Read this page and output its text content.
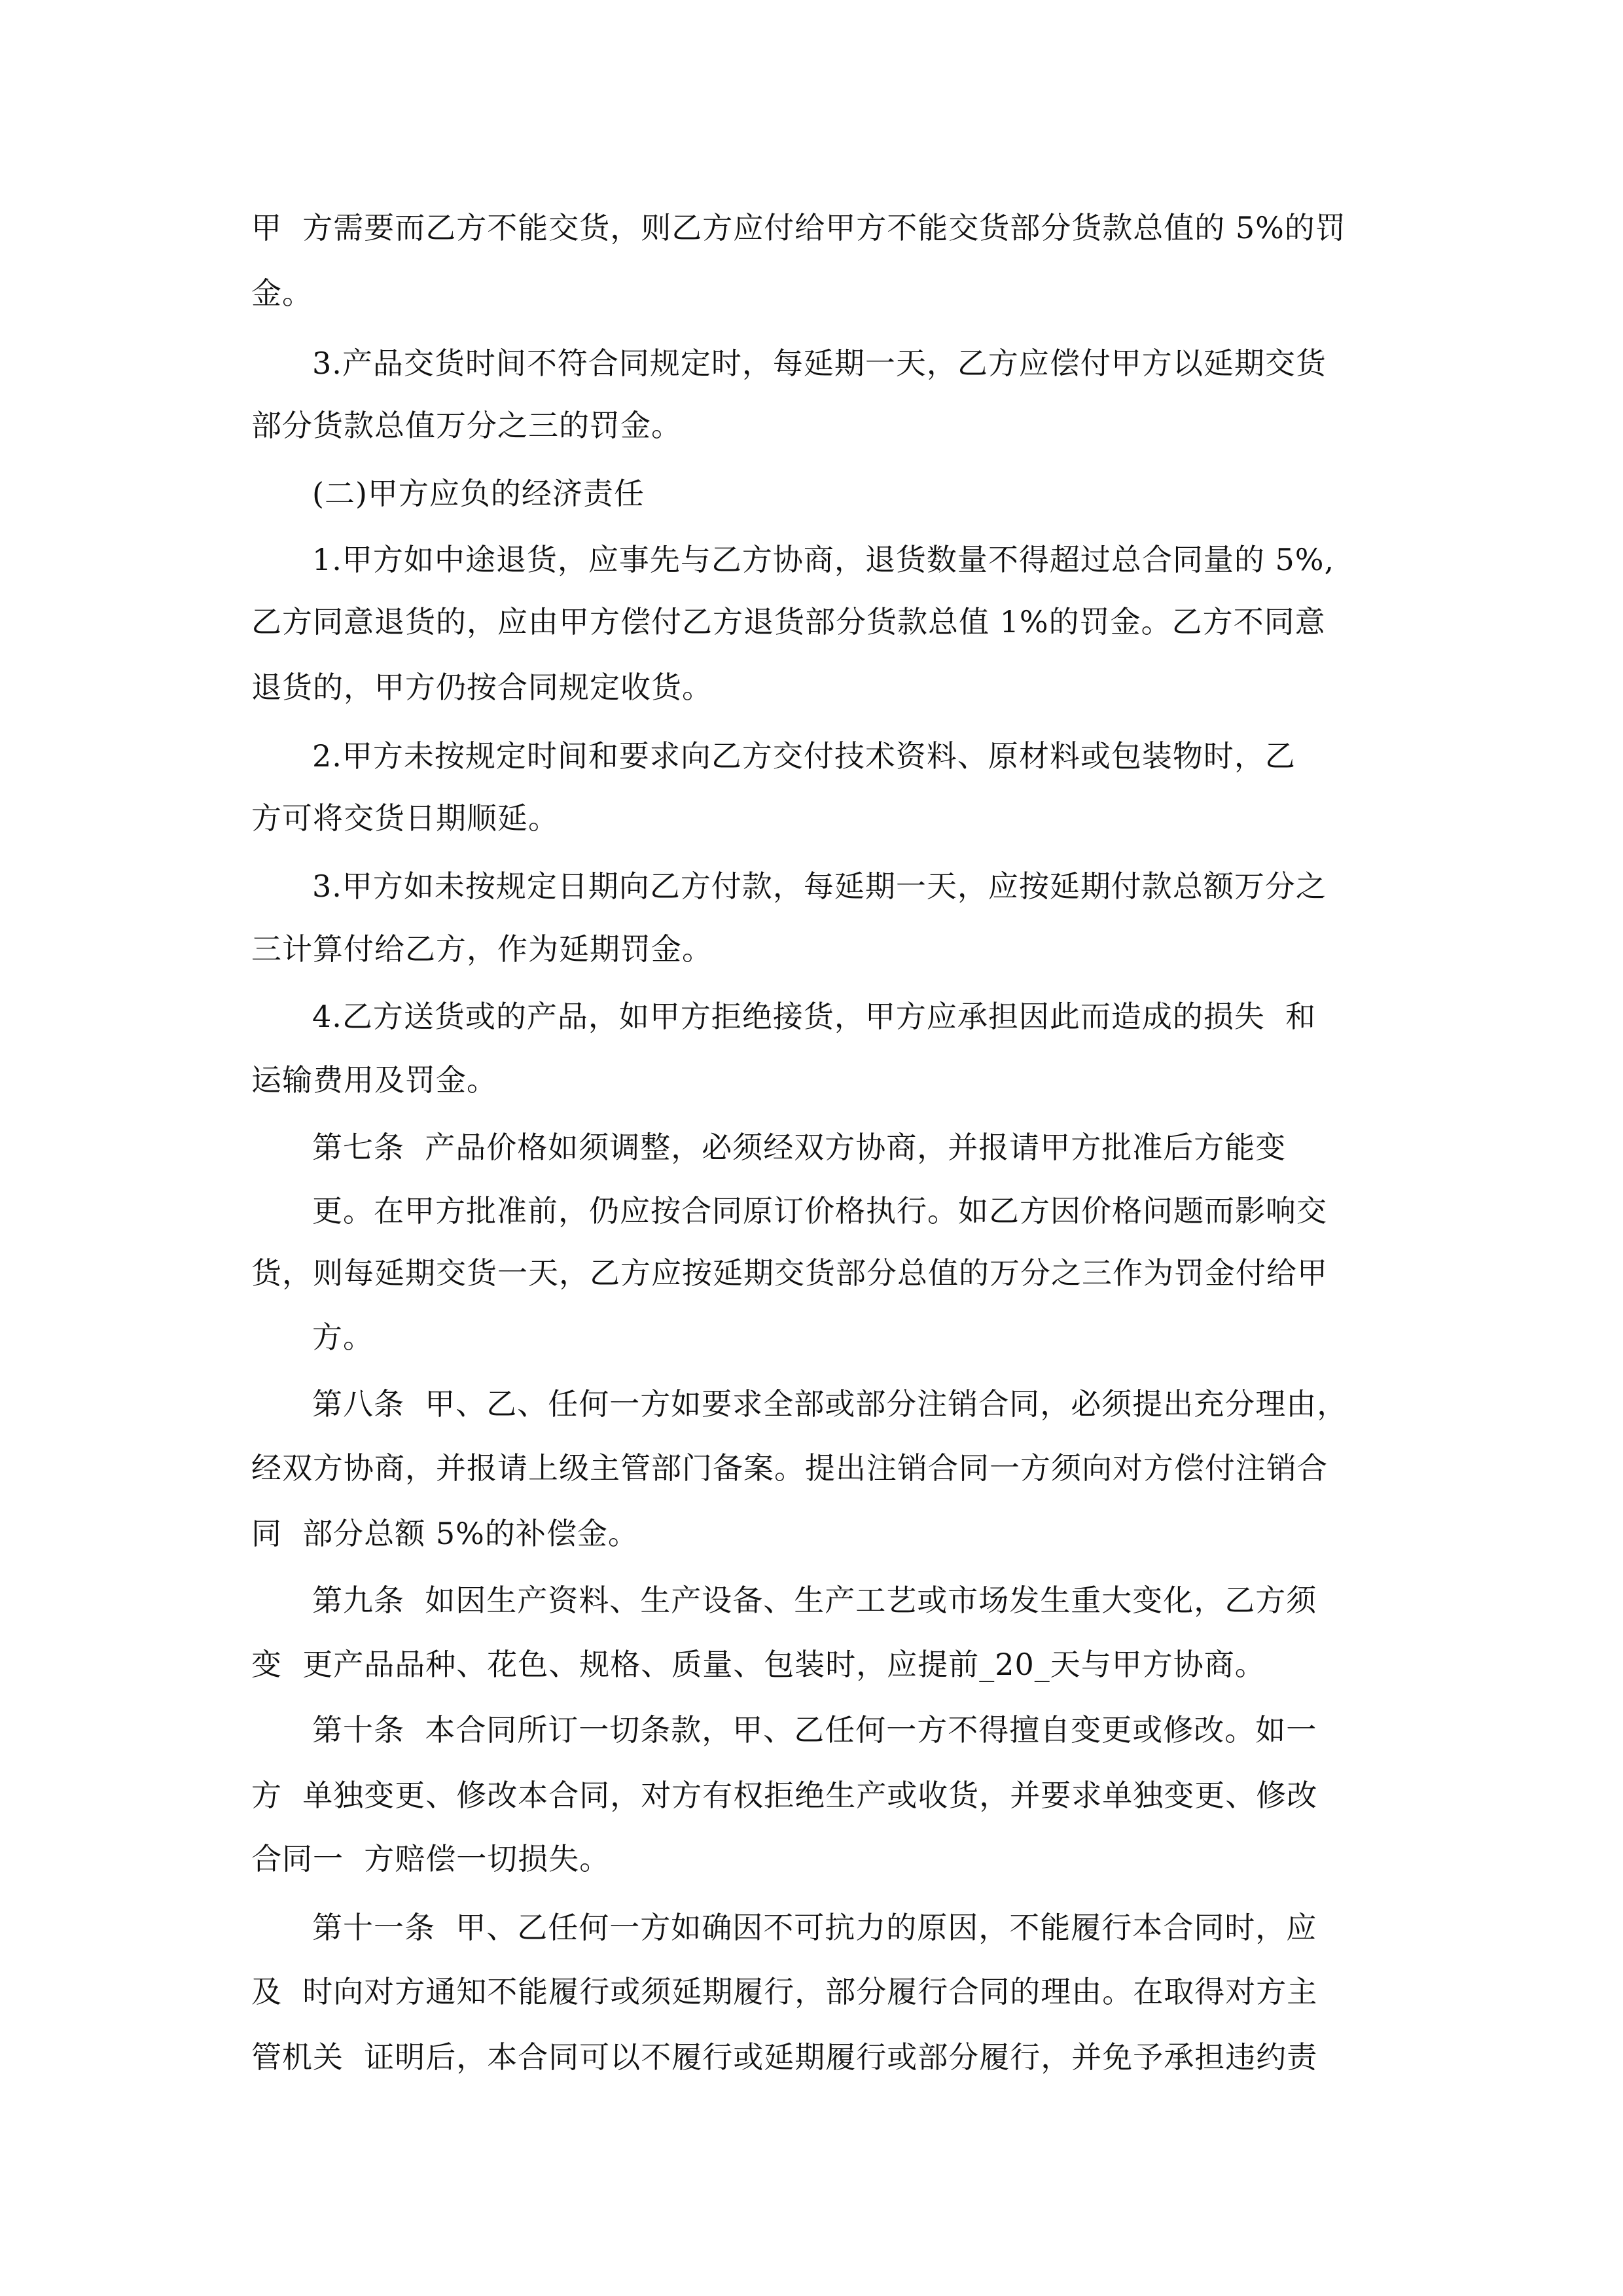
甲  方需要而乙方不能交货，则乙方应付给甲方不能交货部分货款总值的 5%的罚
金。
3.产品交货时间不符合同规定时，每延期一天，乙方应偿付甲方以延期交货
部分货款总值万分之三的罚金。
(二)甲方应负的经济责任
1.甲方如中途退货，应事先与乙方协商，退货数量不得超过总合同量的 5%,
乙方同意退货的，应由甲方偿付乙方退货部分货款总值 1%的罚金。乙方不同意
退货的，甲方仍按合同规定收货。
2.甲方未按规定时间和要求向乙方交付技术资料、原材料或包装物时，乙
方可将交货日期顺延。
3.甲方如未按规定日期向乙方付款，每延期一天，应按延期付款总额万分之
三计算付给乙方，作为延期罚金。
4.乙方送货或的产品，如甲方拒绝接货，甲方应承担因此而造成的损失  和
运输费用及罚金。
第七条  产品价格如须调整，必须经双方协商，并报请甲方批准后方能变
更。在甲方批准前，仍应按合同原订价格执行。如乙方因价格问题而影响交
货，则每延期交货一天，乙方应按延期交货部分总值的万分之三作为罚金付给甲
方。
第八条  甲、乙、任何一方如要求全部或部分注销合同，必须提出充分理由，
经双方协商，并报请上级主管部门备案。提出注销合同一方须向对方偿付注销合
同  部分总额 5%的补偿金。
第九条  如因生产资料、生产设备、生产工艺或市场发生重大变化，乙方须
变  更产品品种、花色、规格、质量、包装时，应提前_20_天与甲方协商。
第十条  本合同所订一切条款，甲、乙任何一方不得擅自变更或修改。如一
方  单独变更、修改本合同，对方有权拒绝生产或收货，并要求单独变更、修改
合同一  方赔偿一切损失。
第十一条  甲、乙任何一方如确因不可抗力的原因，不能履行本合同时，应
及  时向对方通知不能履行或须延期履行，部分履行合同的理由。在取得对方主
管机关  证明后，本合同可以不履行或延期履行或部分履行，并免予承担违约责
